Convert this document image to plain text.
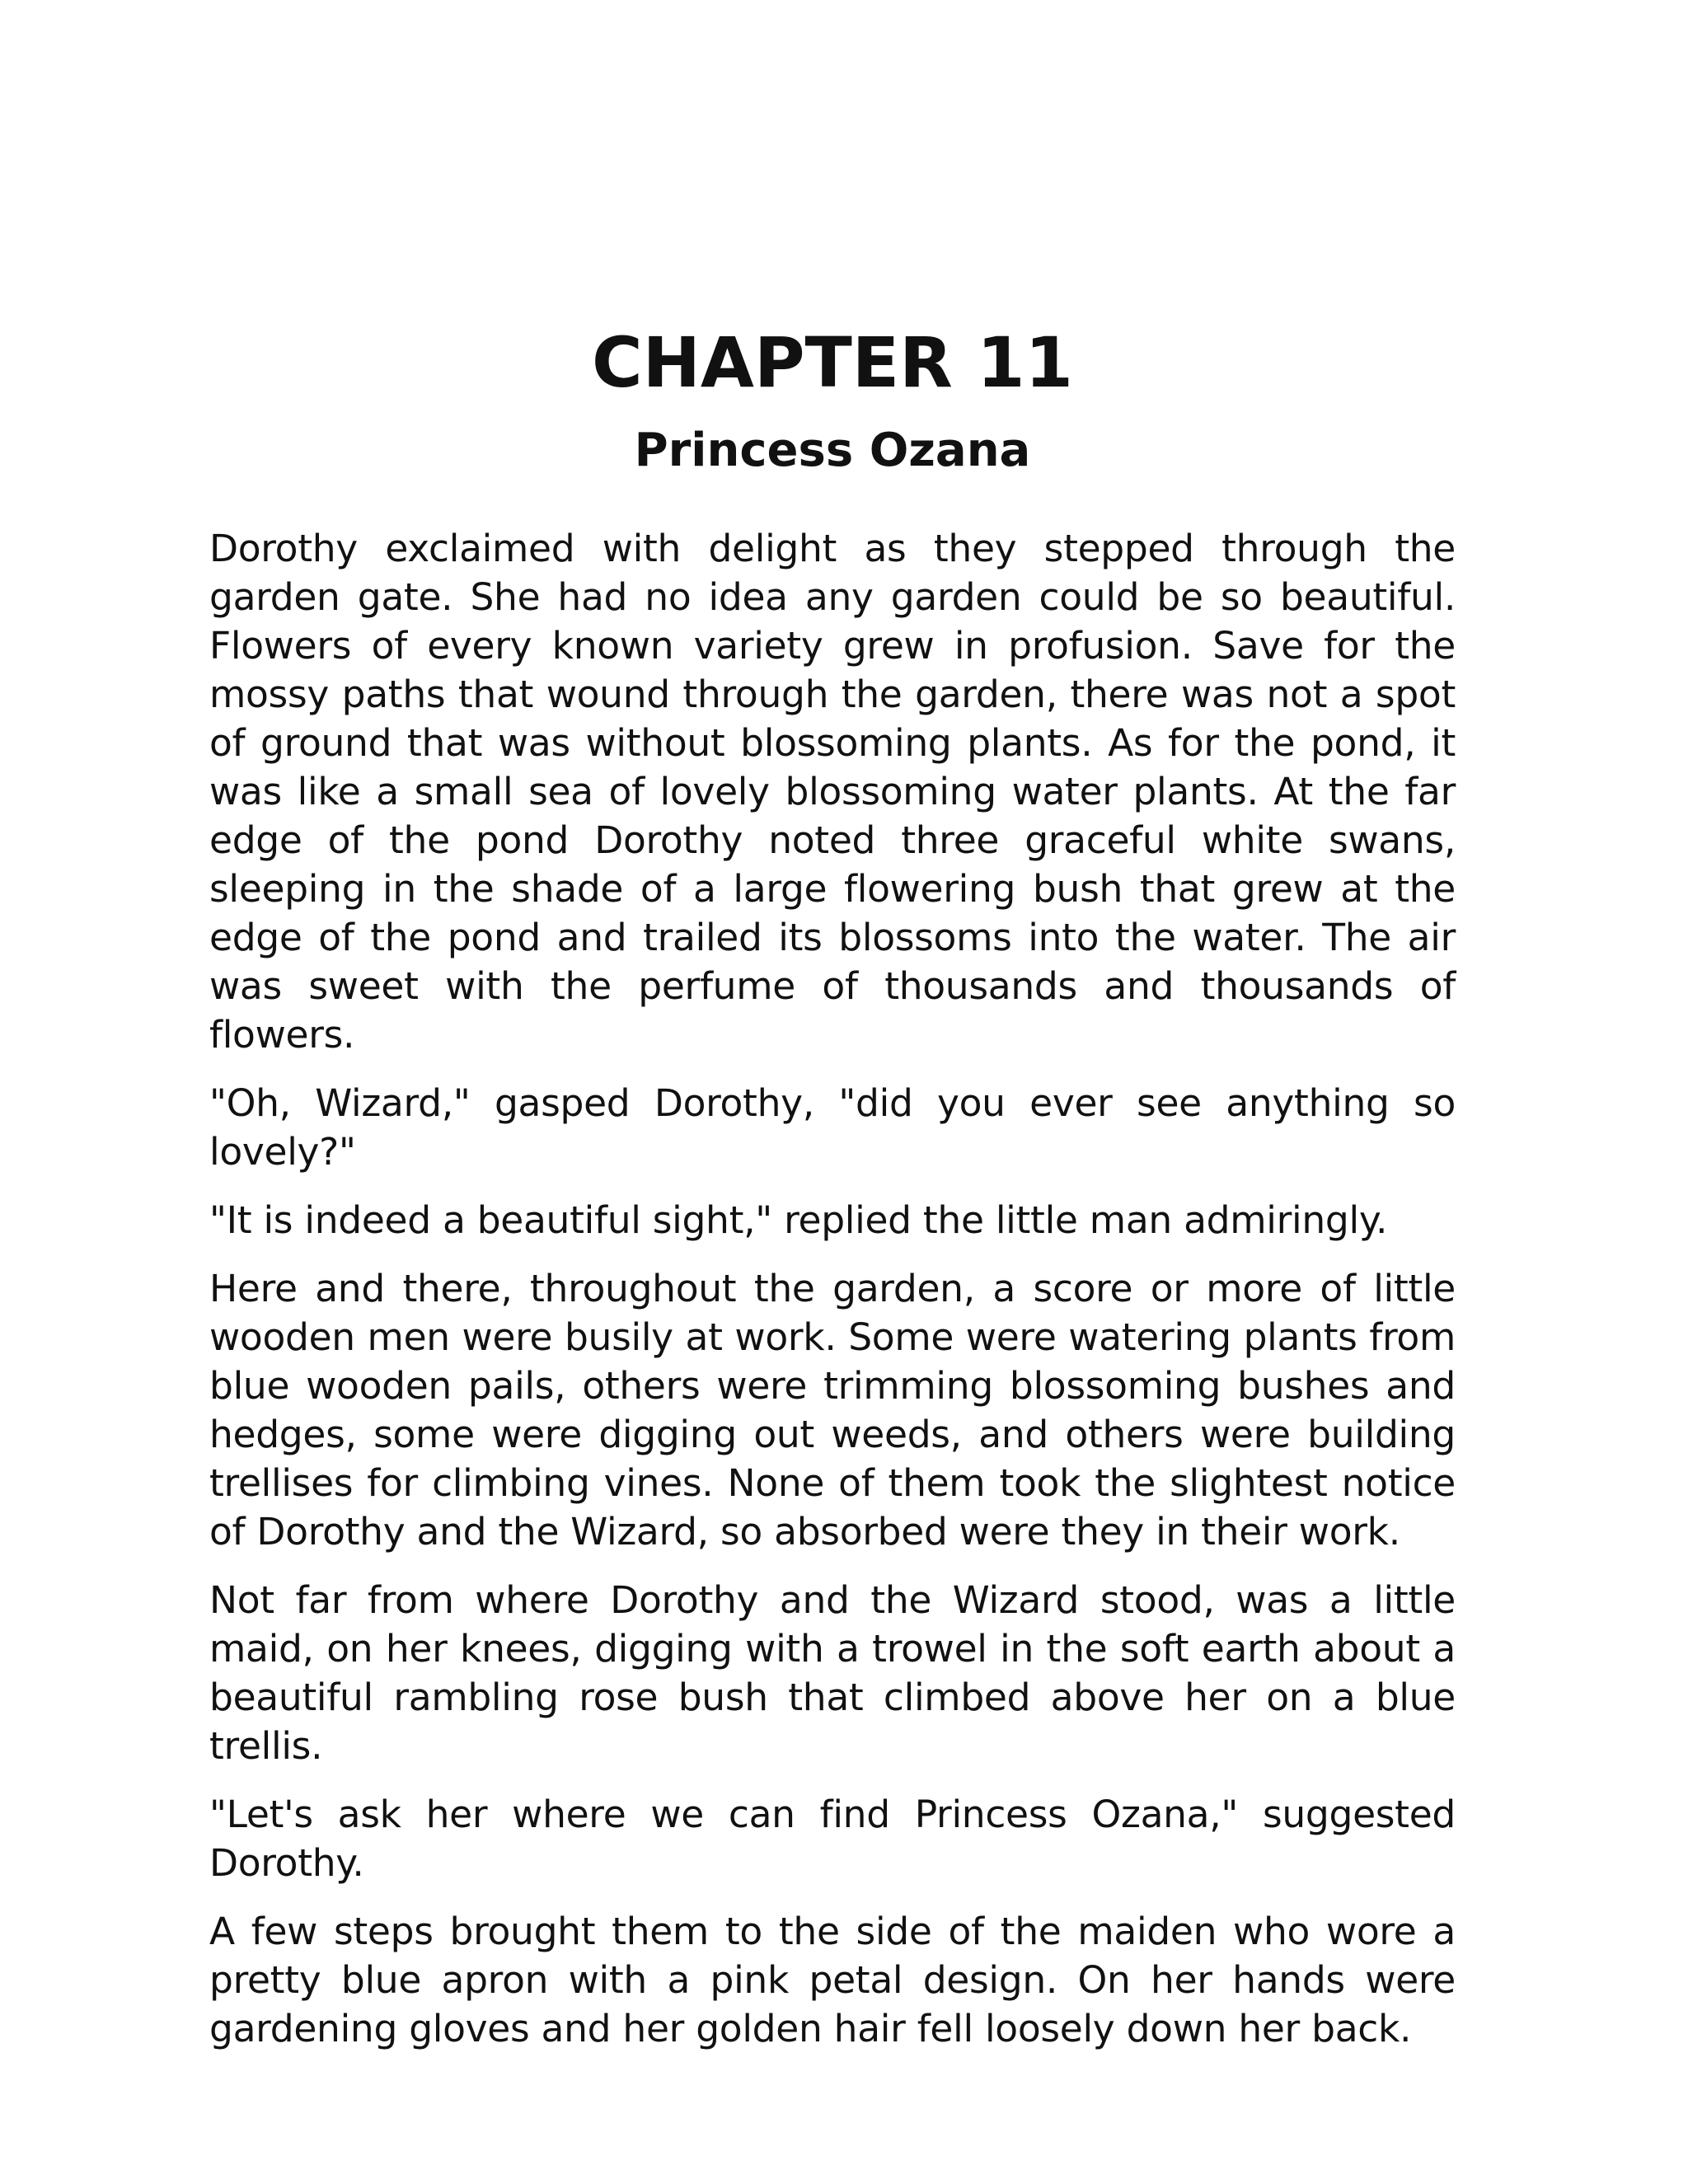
CHAPTER 11
Princess Ozana

Dorothy exclaimed with delight as they stepped through the garden gate. She had no idea any garden could be so beautiful. Flowers of every known variety grew in profusion. Save for the mossy paths that wound through the garden, there was not a spot of ground that was without blossoming plants. As for the pond, it was like a small sea of lovely blossoming water plants. At the far edge of the pond Dorothy noted three graceful white swans, sleeping in the shade of a large flowering bush that grew at the edge of the pond and trailed its blossoms into the water. The air was sweet with the perfume of thousands and thousands of flowers.

"Oh, Wizard," gasped Dorothy, "did you ever see anything so lovely?"

"It is indeed a beautiful sight," replied the little man admiringly.

Here and there, throughout the garden, a score or more of little wooden men were busily at work. Some were watering plants from blue wooden pails, others were trimming blossoming bushes and hedges, some were digging out weeds, and others were building trellises for climbing vines. None of them took the slightest notice of Dorothy and the Wizard, so absorbed were they in their work.

Not far from where Dorothy and the Wizard stood, was a little maid, on her knees, digging with a trowel in the soft earth about a beautiful rambling rose bush that climbed above her on a blue trellis.

"Let's ask her where we can find Princess Ozana," suggested Dorothy.

A few steps brought them to the side of the maiden who wore a pretty blue apron with a pink petal design. On her hands were gardening gloves and her golden hair fell loosely down her back.
